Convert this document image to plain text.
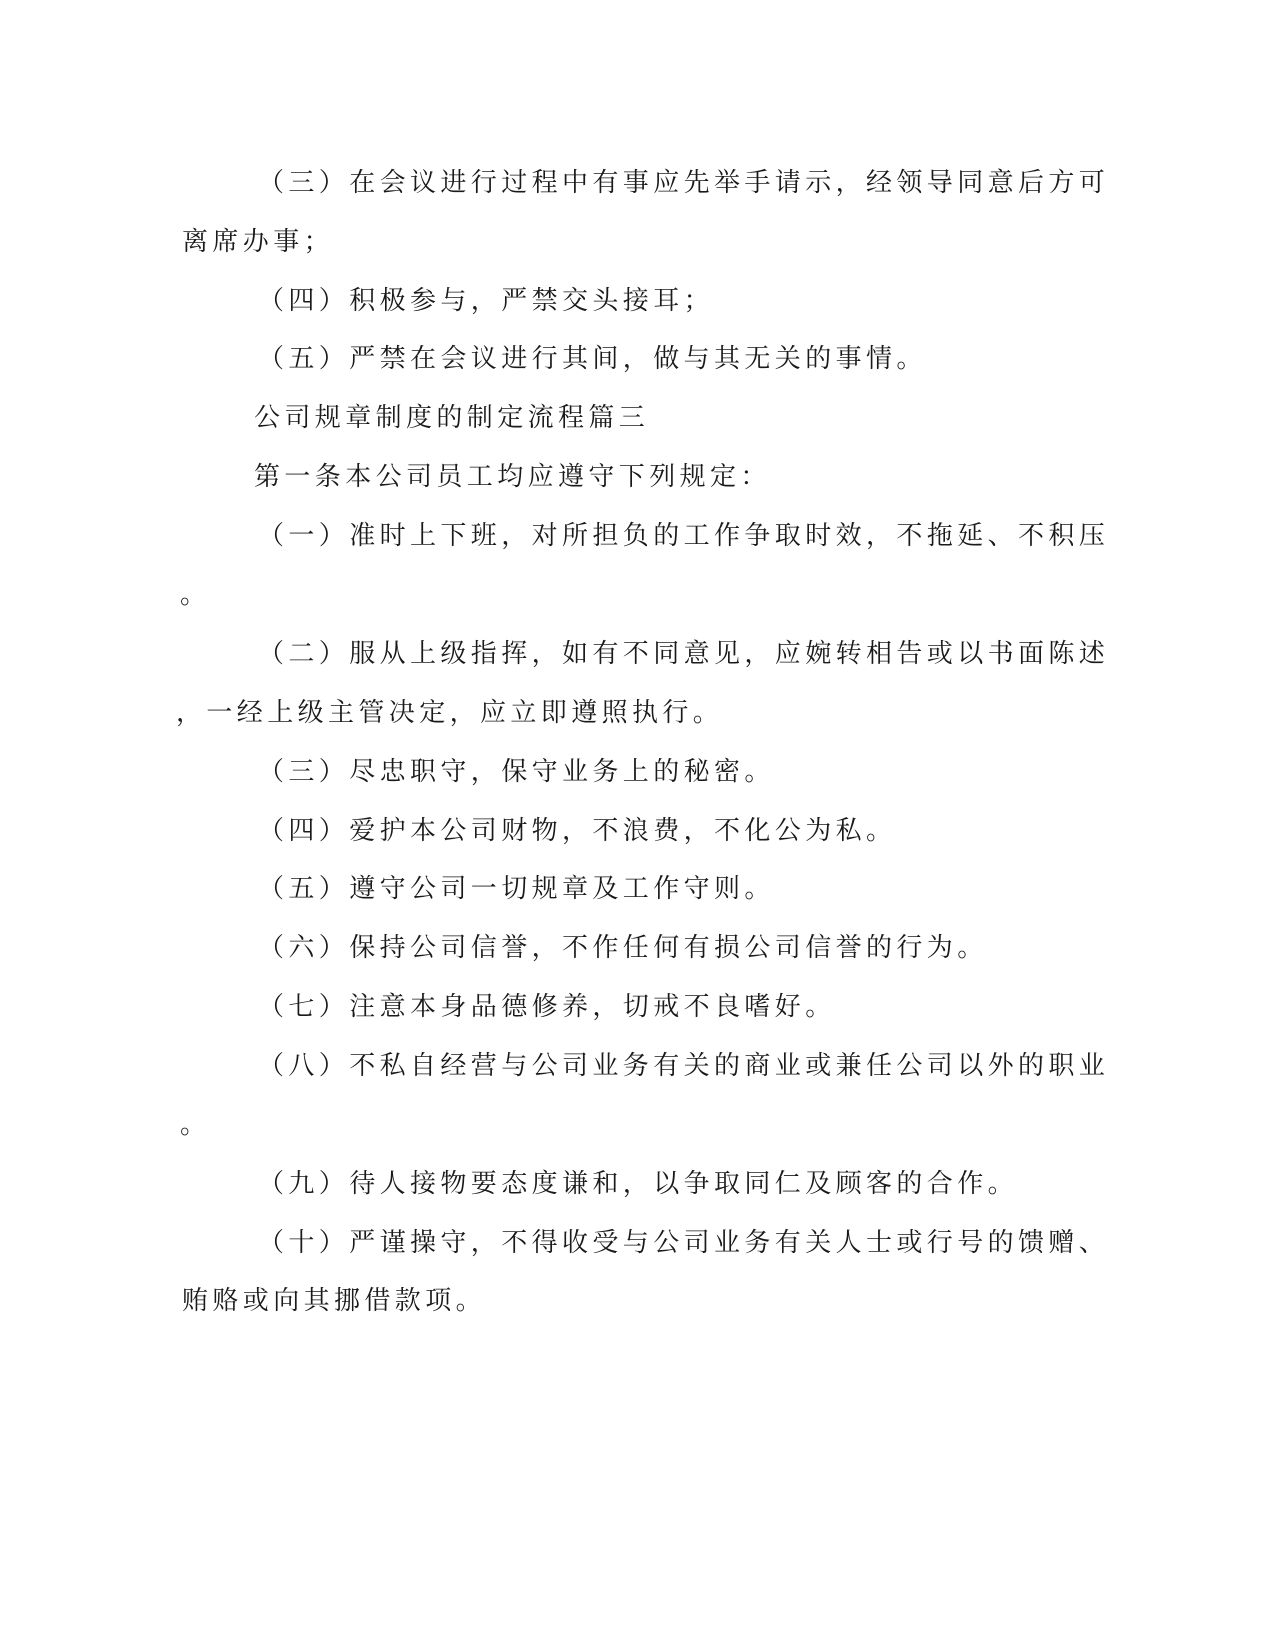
（三）在会议进行过程中有事应先举手请示，经领导同意后方可
离席办事；
（四）积极参与，严禁交头接耳；
（五）严禁在会议进行其间，做与其无关的事情。
公司规章制度的制定流程篇三
第一条本公司员工均应遵守下列规定：
（一）准时上下班，对所担负的工作争取时效，不拖延、不积压
。
（二）服从上级指挥，如有不同意见，应婉转相告或以书面陈述
，一经上级主管决定，应立即遵照执行。
（三）尽忠职守，保守业务上的秘密。
（四）爱护本公司财物，不浪费，不化公为私。
（五）遵守公司一切规章及工作守则。
（六）保持公司信誉，不作任何有损公司信誉的行为。
（七）注意本身品德修养，切戒不良嗜好。
（八）不私自经营与公司业务有关的商业或兼任公司以外的职业
。
（九）待人接物要态度谦和，以争取同仁及顾客的合作。
（十）严谨操守，不得收受与公司业务有关人士或行号的馈赠、
贿赂或向其挪借款项。
